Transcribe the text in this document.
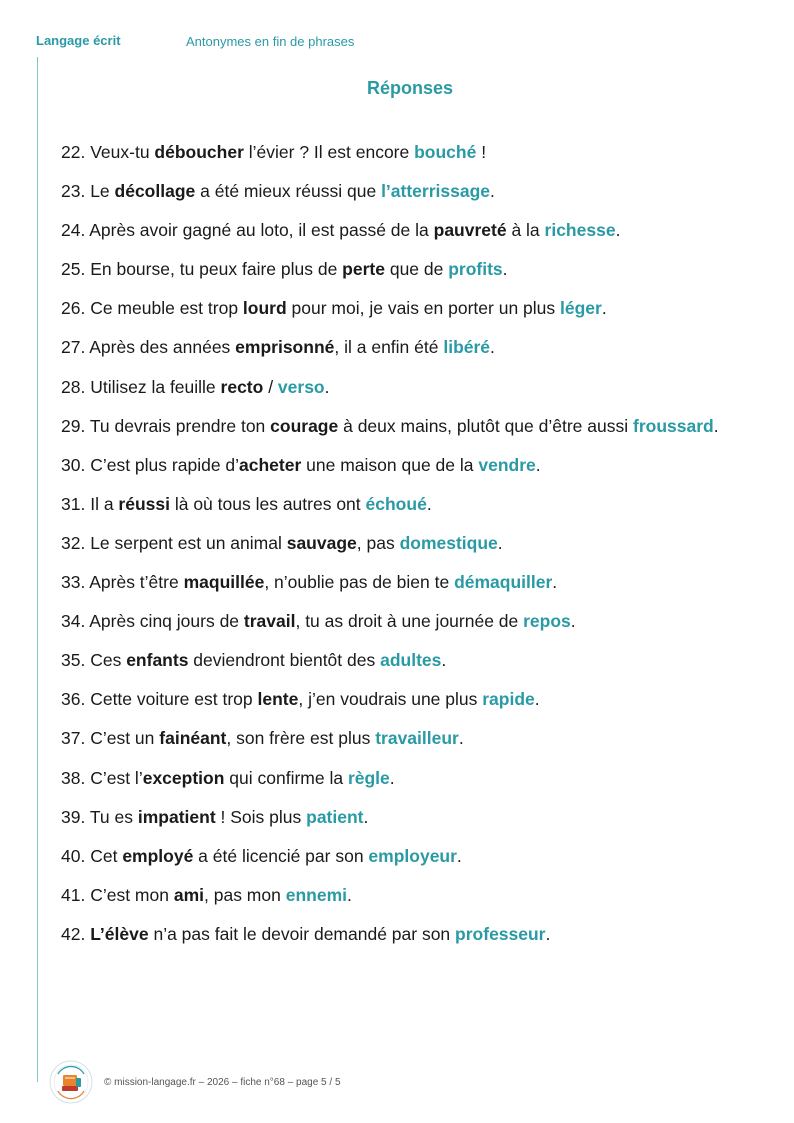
Langage écrit	Antonymes en fin de phrases
Réponses
22. Veux-tu déboucher l’évier ? Il est encore bouché !
23. Le décollage a été mieux réussi que l’atterrissage.
24. Après avoir gagné au loto, il est passé de la pauvreté à la richesse.
25. En bourse, tu peux faire plus de perte que de profits.
26. Ce meuble est trop lourd pour moi, je vais en porter un plus léger.
27. Après des années emprisonné, il a enfin été libéré.
28. Utilisez la feuille recto / verso.
29. Tu devrais prendre ton courage à deux mains, plutôt que d’être aussi froussard.
30. C’est plus rapide d’acheter une maison que de la vendre.
31. Il a réussi là où tous les autres ont échoué.
32. Le serpent est un animal sauvage, pas domestique.
33. Après t’être maquillée, n’oublie pas de bien te démaquiller.
34. Après cinq jours de travail, tu as droit à une journée de repos.
35. Ces enfants deviendront bientôt des adultes.
36. Cette voiture est trop lente, j’en voudrais une plus rapide.
37. C’est un fainéant, son frère est plus travailleur.
38. C’est l’exception qui confirme la règle.
39. Tu es impatient ! Sois plus patient.
40. Cet employé a été licencié par son employeur.
41. C’est mon ami, pas mon ennemi.
42. L’élève n’a pas fait le devoir demandé par son professeur.
© mission-langage.fr – 2026 – fiche n°68 – page 5 / 5
